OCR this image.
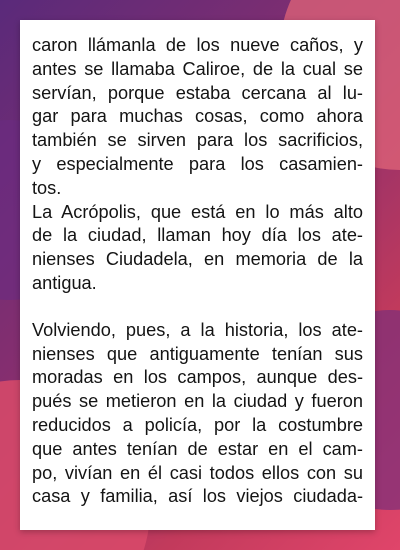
caron llámanla de los nueve caños, y

antes se llamaba Caliroe, de la cual se

servían, porque estaba cercana al lu-

gar para muchas cosas, como ahora

también se sirven para los sacrificios,

y especialmente para los casamien-

tos.

La Acrópolis, que está en lo más alto

de la ciudad, llaman hoy día los ate-

nienses Ciudadela, en memoria de la

antigua.

Volviendo, pues, a la historia, los ate-

nienses que antiguamente tenían sus

moradas en los campos, aunque des-

pués se metieron en la ciudad y fueron

reducidos a policía, por la costumbre

que antes tenían de estar en el cam-

po, vivían en él casi todos ellos con su

casa y familia, así los viejos ciudada-
